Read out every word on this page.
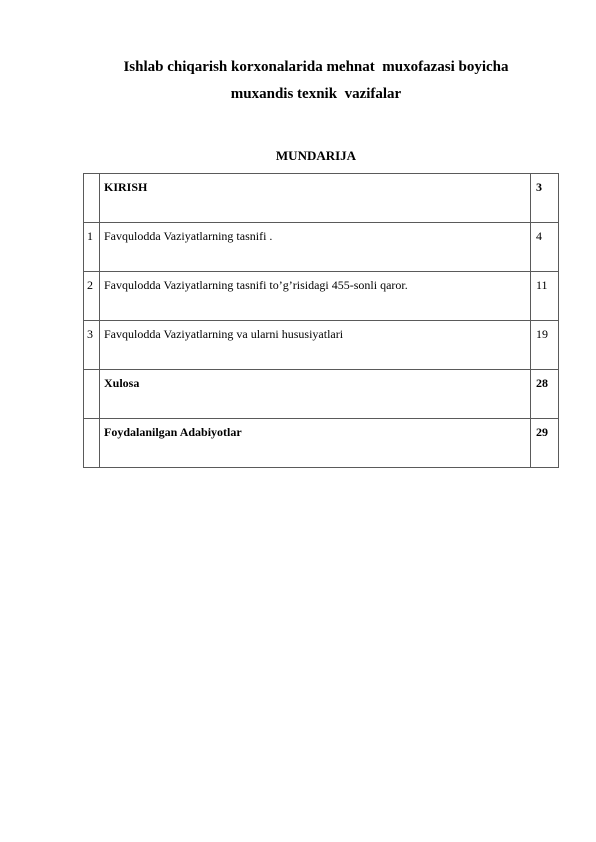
Ishlab chiqarish korxonalarida mehnat  muxofazasi boyicha
muxandis texnik  vazifalar
MUNDARIJA
	KIRISH	3
1	Favqulodda Vaziyatlarning tasnifi .	4
2	Favqulodda Vaziyatlarning tasnifi to’g’risidagi 455-sonli qaror.	11
3	Favqulodda Vaziyatlarning va ularni hususiyatlari	19
	Xulosa	28
	Foydalanilgan Adabiyotlar	29
